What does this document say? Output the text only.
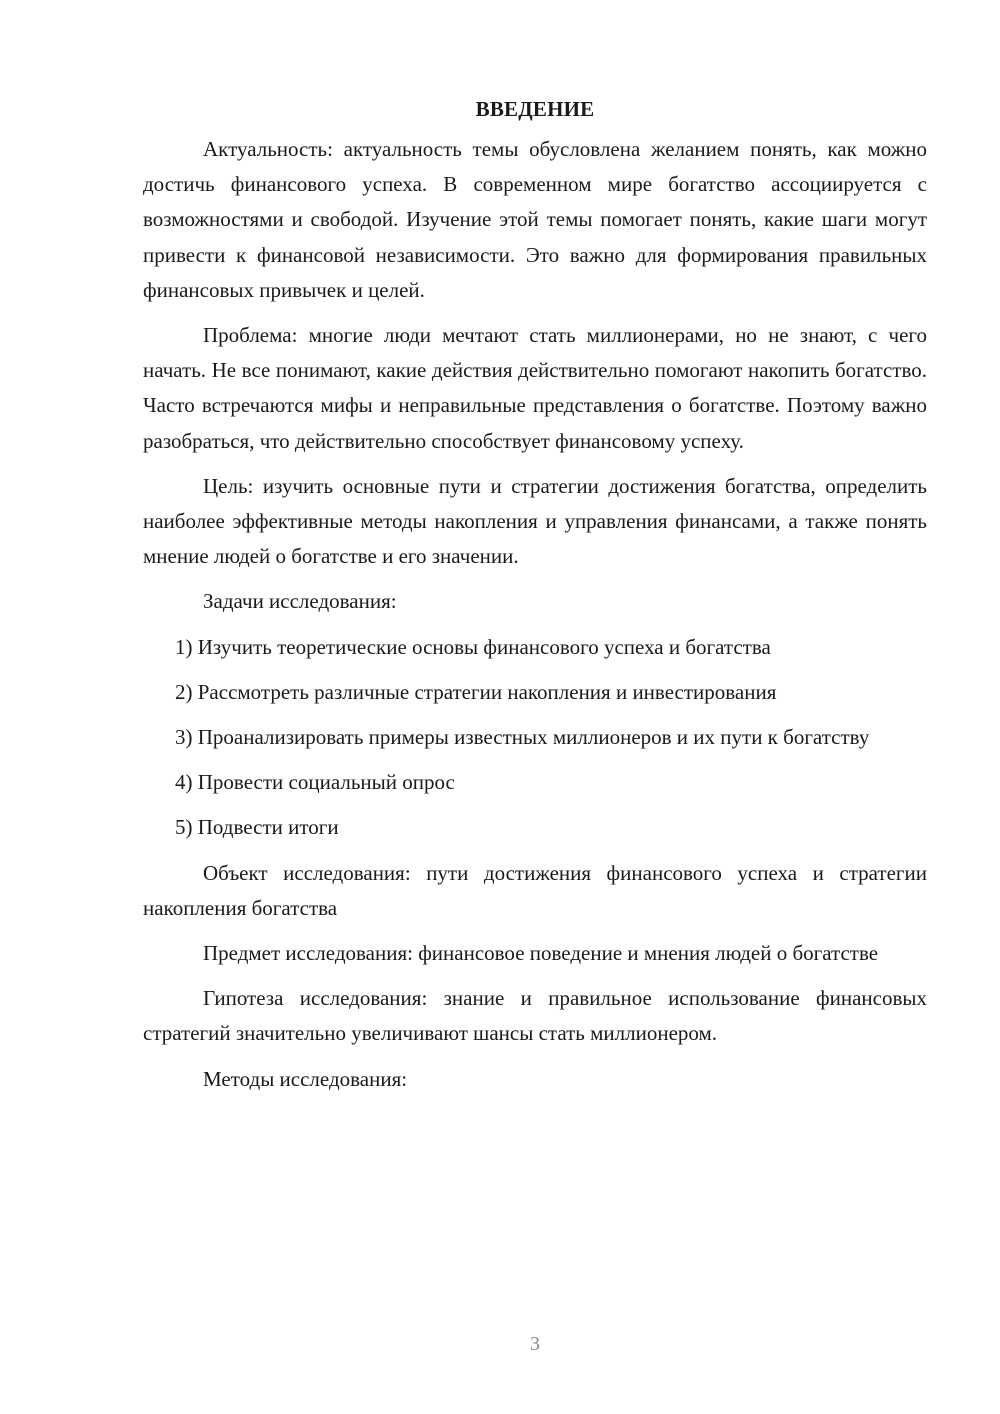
ВВЕДЕНИЕ

Актуальность: актуальность темы обусловлена желанием понять, как можно достичь финансового успеха. В современном мире богатство ассоциируется с возможностями и свободой. Изучение этой темы помогает понять, какие шаги могут привести к финансовой независимости. Это важно для формирования правильных финансовых привычек и целей.

Проблема: многие люди мечтают стать миллионерами, но не знают, с чего начать. Не все понимают, какие действия действительно помогают накопить богатство. Часто встречаются мифы и неправильные представления о богатстве. Поэтому важно разобраться, что действительно способствует финансовому успеху.

Цель: изучить основные пути и стратегии достижения богатства, определить наиболее эффективные методы накопления и управления финансами, а также понять мнение людей о богатстве и его значении.

Задачи исследования:

1) Изучить теоретические основы финансового успеха и богатства

2) Рассмотреть различные стратегии накопления и инвестирования

3) Проанализировать примеры известных миллионеров и их пути к богатству

4) Провести социальный опрос

5) Подвести итоги

Объект исследования: пути достижения финансового успеха и стратегии накопления богатства

Предмет исследования: финансовое поведение и мнения людей о богатстве

Гипотеза исследования: знание и правильное использование финансовых стратегий значительно увеличивают шансы стать миллионером.

Методы исследования:

3
